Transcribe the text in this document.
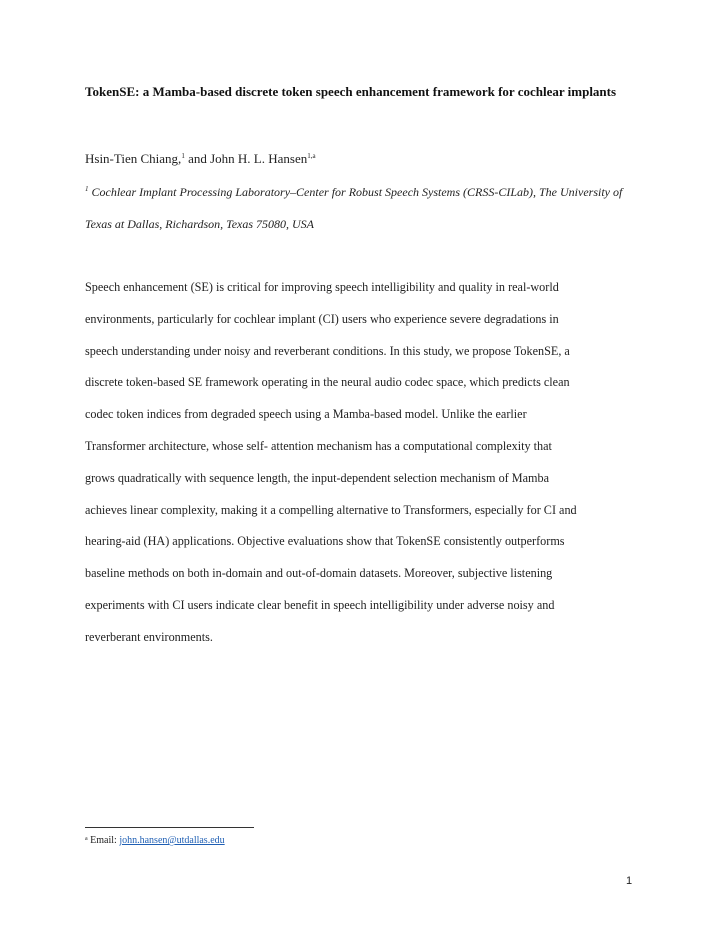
TokenSE: a Mamba-based discrete token speech enhancement framework for cochlear implants
Hsin-Tien Chiang,$^1$ and John H. L. Hansen$^{1,a}$
$^1$ Cochlear Implant Processing Laboratory–Center for Robust Speech Systems (CRSS-CILab), The University of Texas at Dallas, Richardson, Texas 75080, USA
Speech enhancement (SE) is critical for improving speech intelligibility and quality in real-world
environments, particularly for cochlear implant (CI) users who experience severe degradations in
speech understanding under noisy and reverberant conditions. In this study, we propose TokenSE, a
discrete token-based SE framework operating in the neural audio codec space, which predicts clean
codec token indices from degraded speech using a Mamba-based model. Unlike the earlier
Transformer architecture, whose self- attention mechanism has a computational complexity that
grows quadratically with sequence length, the input-dependent selection mechanism of Mamba
achieves linear complexity, making it a compelling alternative to Transformers, especially for CI and
hearing-aid (HA) applications. Objective evaluations show that TokenSE consistently outperforms
baseline methods on both in-domain and out-of-domain datasets. Moreover, subjective listening
experiments with CI users indicate clear benefit in speech intelligibility under adverse noisy and
reverberant environments.
$^a$ Email: john.hansen@utdallas.edu
1
